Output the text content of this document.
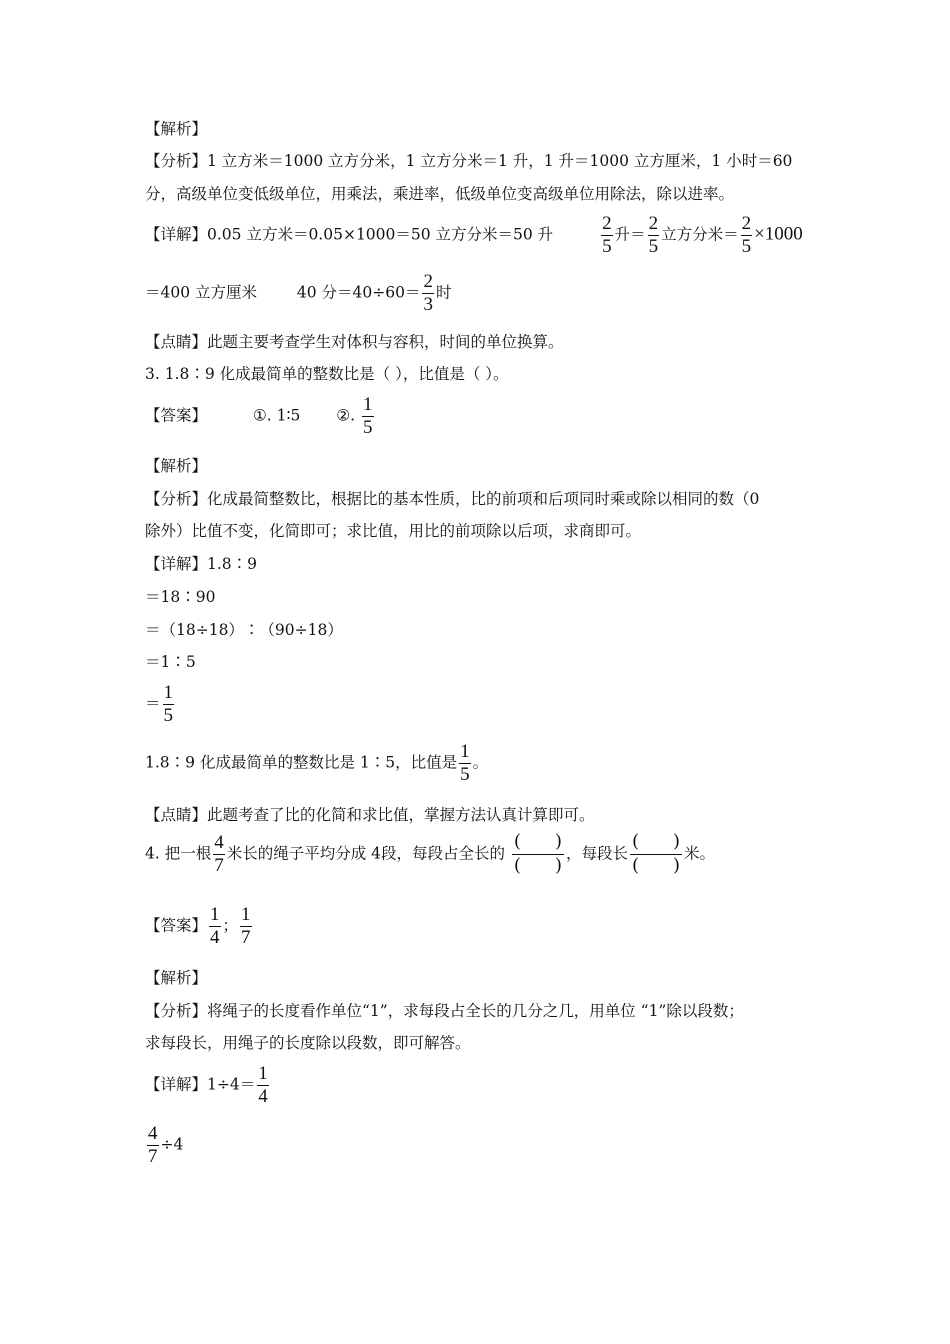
【解析】
【分析】1 立方米＝1000 立方分米，1 立方分米＝1 升，1 升＝1000 立方厘米，1 小时＝60
分，高级单位变低级单位，用乘法，乘进率，低级单位变高级单位用除法，除以进率。
【详解】0.05 立方米＝0.05×1000＝50 立方分米＝50 升	$\frac{2}{5}$ 升＝ $\frac{2}{5}$ 立方分米＝ $\frac{2}{5} \times 1000$
＝400 立方厘米	40 分$=40\div 60= \frac{2}{3}$ 时
【点睛】此题主要考查学生对体积与容积，时间的单位换算。
3. 1.8∶9 化成最简单的整数比是（ ），比值是（ ）。
【答案】	①. 1∶5 ②. $\frac{1}{5}$
【解析】
【分析】化成最简整数比，根据比的基本性质，比的前项和后项同时乘或除以相同的数（0
除外）比值不变，化简即可；求比值，用比的前项除以后项，求商即可。
【详解】1.8∶9
＝18∶90
＝（18÷18）∶（90÷18）
＝1∶5
＝ $\frac{1}{5}$
1.8∶9 化成最简单的整数比是 1∶5，比值是 $\frac{1}{5}$ 。
【点睛】此题考查了比的化简和求比值，掌握方法认真计算即可。
4. 把一根 $\frac{4}{7}$ 米长的绳子平均分成 4段，每段占全长的 ( )
( )，每段长( )
( )米。
【答案】 $\frac{1}{4}$ ； $\frac{1}{7}$
【解析】
【分析】将绳子的长度看作单位“1”，求每段占全长的几分之几，用单位 “1”除以段数；
求每段长，用绳子的长度除以段数，即可解答。
【详解】$1\div 4= \frac{1}{4}$
$\frac{4}{7} \div 4$
